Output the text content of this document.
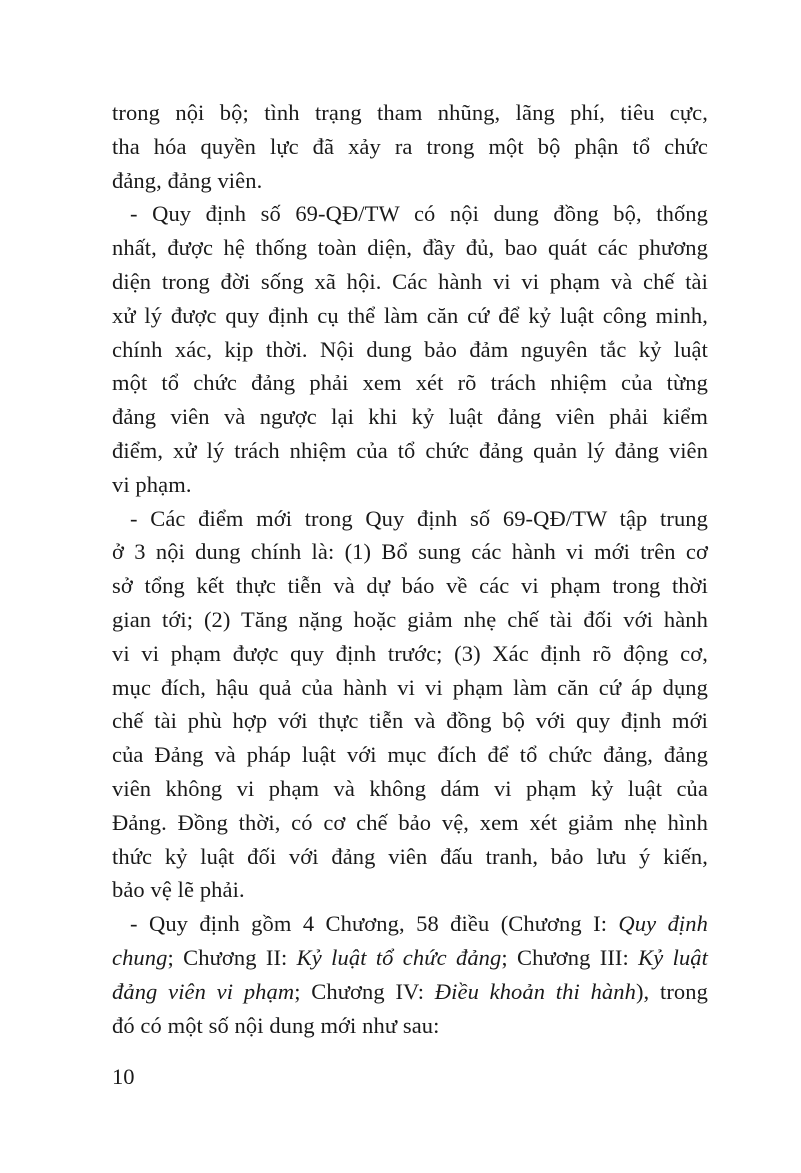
trong nội bộ; tình trạng tham nhũng, lãng phí, tiêu cực,
tha hóa quyền lực đã xảy ra trong một bộ phận tổ chức
đảng, đảng viên.
- Quy định số 69-QĐ/TW có nội dung đồng bộ, thống
nhất, được hệ thống toàn diện, đầy đủ, bao quát các phương
diện trong đời sống xã hội. Các hành vi vi phạm và chế tài
xử lý được quy định cụ thể làm căn cứ để kỷ luật công minh,
chính xác, kịp thời. Nội dung bảo đảm nguyên tắc kỷ luật
một tổ chức đảng phải xem xét rõ trách nhiệm của từng
đảng viên và ngược lại khi kỷ luật đảng viên phải kiểm
điểm, xử lý trách nhiệm của tổ chức đảng quản lý đảng viên
vi phạm.
- Các điểm mới trong Quy định số 69-QĐ/TW tập trung
ở 3 nội dung chính là: (1) Bổ sung các hành vi mới trên cơ
sở tổng kết thực tiễn và dự báo về các vi phạm trong thời
gian tới; (2) Tăng nặng hoặc giảm nhẹ chế tài đối với hành
vi vi phạm được quy định trước; (3) Xác định rõ động cơ,
mục đích, hậu quả của hành vi vi phạm làm căn cứ áp dụng
chế tài phù hợp với thực tiễn và đồng bộ với quy định mới
của Đảng và pháp luật với mục đích để tổ chức đảng, đảng
viên không vi phạm và không dám vi phạm kỷ luật của
Đảng. Đồng thời, có cơ chế bảo vệ, xem xét giảm nhẹ hình
thức kỷ luật đối với đảng viên đấu tranh, bảo lưu ý kiến,
bảo vệ lẽ phải.
- Quy định gồm 4 Chương, 58 điều (Chương I: Quy định
chung; Chương II: Kỷ luật tổ chức đảng; Chương III: Kỷ luật
đảng viên vi phạm; Chương IV: Điều khoản thi hành), trong
đó có một số nội dung mới như sau:
10
